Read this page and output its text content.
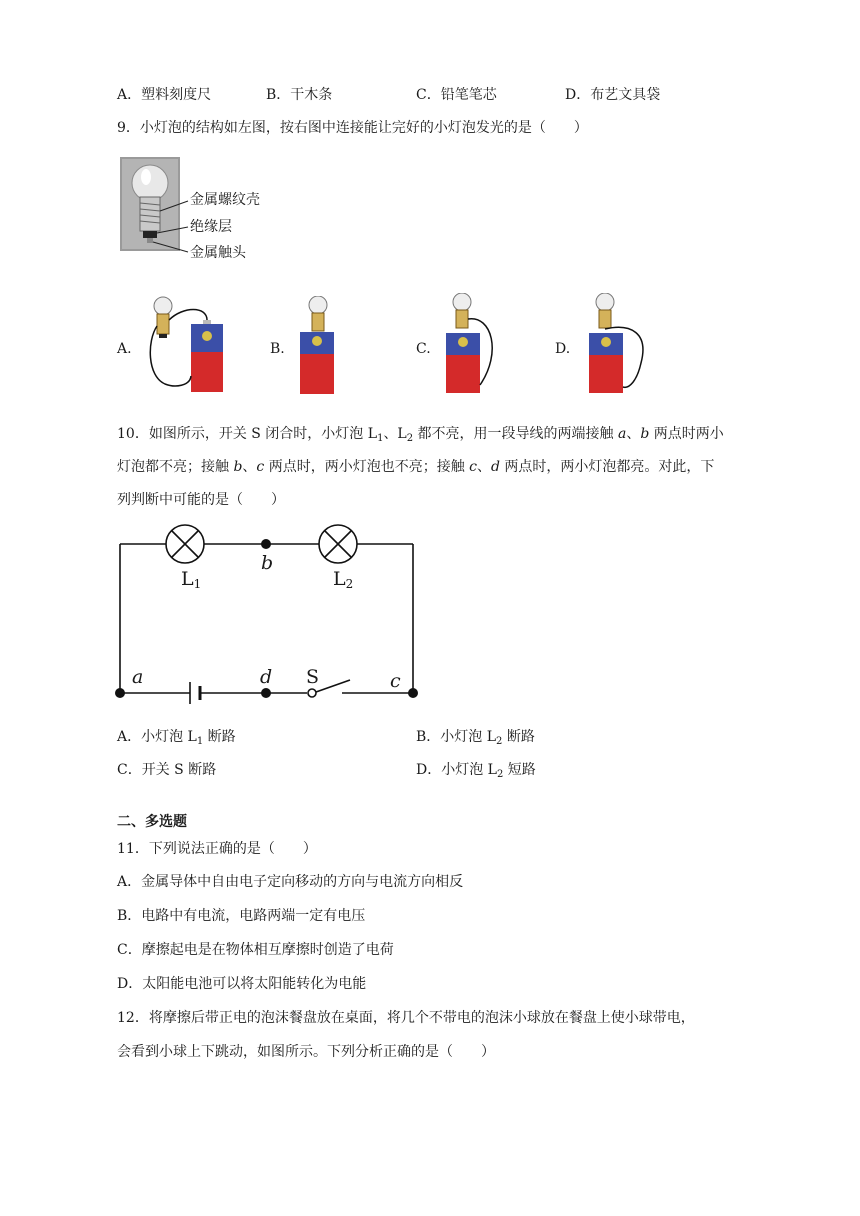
A．塑料刻度尺	B．干木条	C．铅笔笔芯	D．布艺文具袋
9．小灯泡的结构如左图，按右图中连接能让完好的小灯泡发光的是（　　）
金属螺纹壳
绝缘层
金属触头
A.	B.	C.	D.
10．如图所示，开关 S 闭合时，小灯泡 $L_1$、$L_2$ 都不亮，用一段导线的两端接触 a、b 两点时两小
灯泡都不亮；接触 b、c 两点时，两小灯泡也不亮；接触 c、d 两点时，两小灯泡都亮。对此，下
列判断中可能的是（　　）
$L_1$
b
$L_2$
a	d S	c
A．小灯泡 $L_1$ 断路	B．小灯泡 $L_2$ 断路
C．开关 S 断路	D．小灯泡 $L_2$ 短路
二、多选题
11．下列说法正确的是（　　）
A．金属导体中自由电子定向移动的方向与电流方向相反
B．电路中有电流，电路两端一定有电压
C．摩擦起电是在物体相互摩擦时创造了电荷
D．太阳能电池可以将太阳能转化为电能
12．将摩擦后带正电的泡沫餐盘放在桌面，将几个不带电的泡沫小球放在餐盘上使小球带电，
会看到小球上下跳动，如图所示。下列分析正确的是（　　）
